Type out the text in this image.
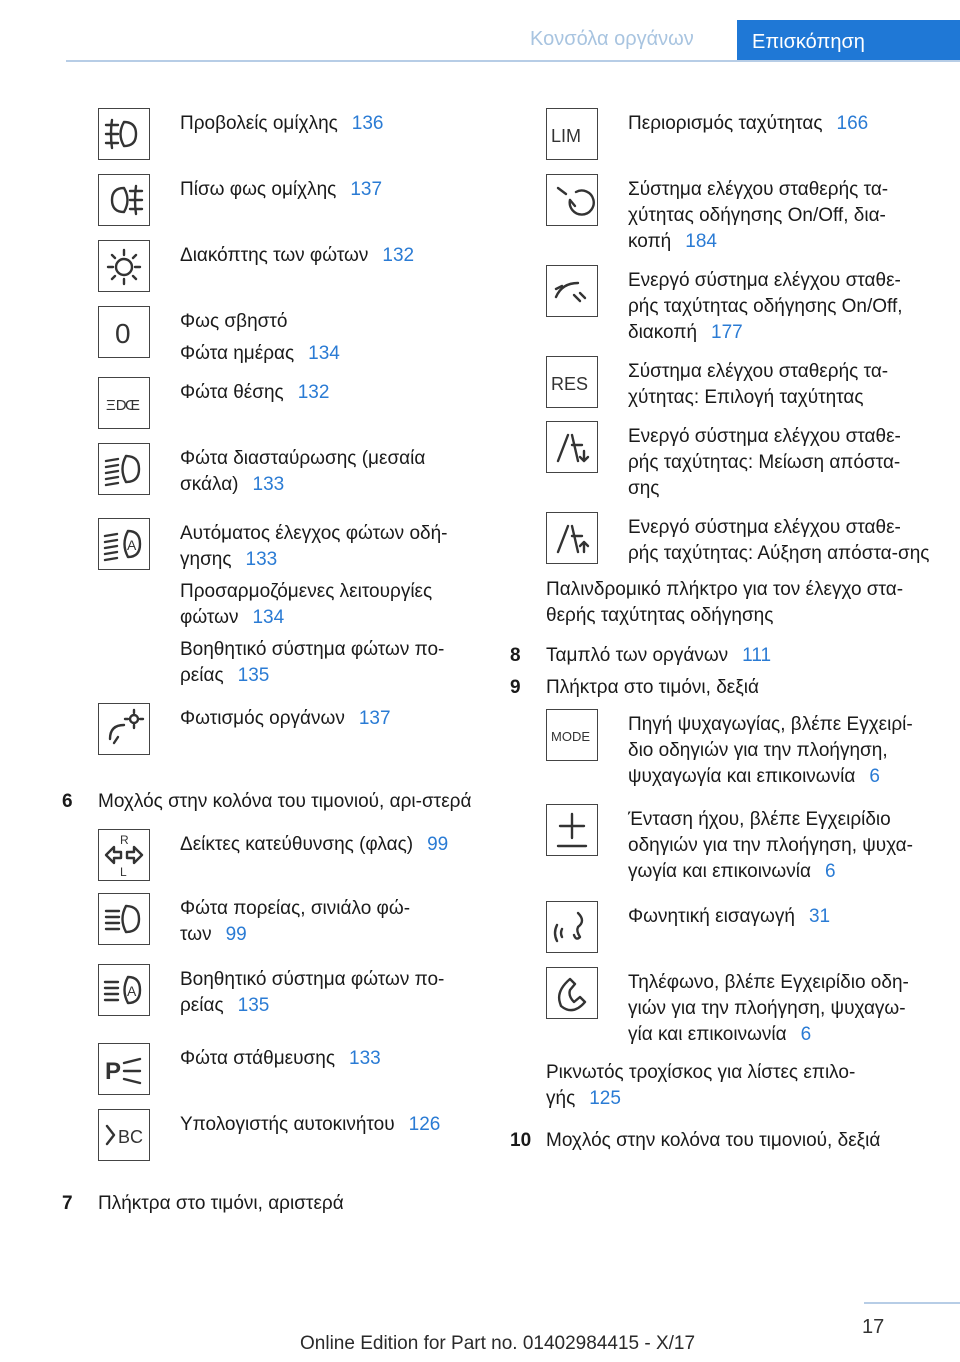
Κονσόλα οργάνων	Επισκόπηση

Προβολείς ομίχλης 136

Πίσω φως ομίχλης 137

Διακόπτης των φώτων 132

0	Φως σβηστό

Φώτα ημέρας 134

ΞD
Œ

Φώτα θέσης 132

Φώτα διασταύρωσης (μεσαία σκάλα) 133

A

Αυτόματος έλεγχος φώτων οδή-γησης 133

Προσαρμοζόμενες λειτουργίες φώτων 134

Βοηθητικό σύστημα φώτων πο-ρείας 135

Φωτισμός οργάνων 137

6	Μοχλός στην κολόνα του τιμονιού, αρι-στερά
R
L

Δείκτες κατεύθυνσης (φλας) 99

Φώτα πορείας, σινιάλο φώ-των 99

A

Βοηθητικό σύστημα φώτων πο-ρείας 135

P	Φώτα στάθμευσης 133

BC

Υπολογιστής αυτοκινήτου 126

7	Πλήκτρα στο τιμόνι, αριστερά
LIM

Περιορισμός ταχύτητας 166

Σύστημα ελέγχου σταθερής τα-χύτητας οδήγησης On/Off, δια-κοπή 184

Ενεργό σύστημα ελέγχου σταθε-ρής ταχύτητας οδήγησης On/Off, διακοπή 177

RES

Σύστημα ελέγχου σταθερής τα-χύτητας: Επιλογή ταχύτητας

Ενεργό σύστημα ελέγχου σταθε-ρής ταχύτητας: Μείωση απόστα-σης

Ενεργό σύστημα ελέγχου σταθε-ρής ταχύτητας: Αύξηση απόστα-σης

Παλινδρομικό πλήκτρο για τον έλεγχο στα-θερής ταχύτητας οδήγησης
8	Ταμπλό των οργάνων 111
9	Πλήκτρα στο τιμόνι, δεξιά
MODE

Πηγή ψυχαγωγίας, βλέπε Εγχειρί-διο οδηγιών για την πλοήγηση, ψυχαγωγία και επικοινωνία 6

Ένταση ήχου, βλέπε Εγχειρίδιο οδηγιών για την πλοήγηση, ψυχα-γωγία και επικοινωνία 6

Φωνητική εισαγωγή 31

Τηλέφωνο, βλέπε Εγχειρίδιο οδη-γιών για την πλοήγηση, ψυχαγω-γία και επικοινωνία 6

Ρικνωτός τροχίσκος για λίστες επιλο-γής 125
10 Μοχλός στην κολόνα του τιμονιού, δεξιά
17
Online Edition for Part no. 01402984415 - X/17
